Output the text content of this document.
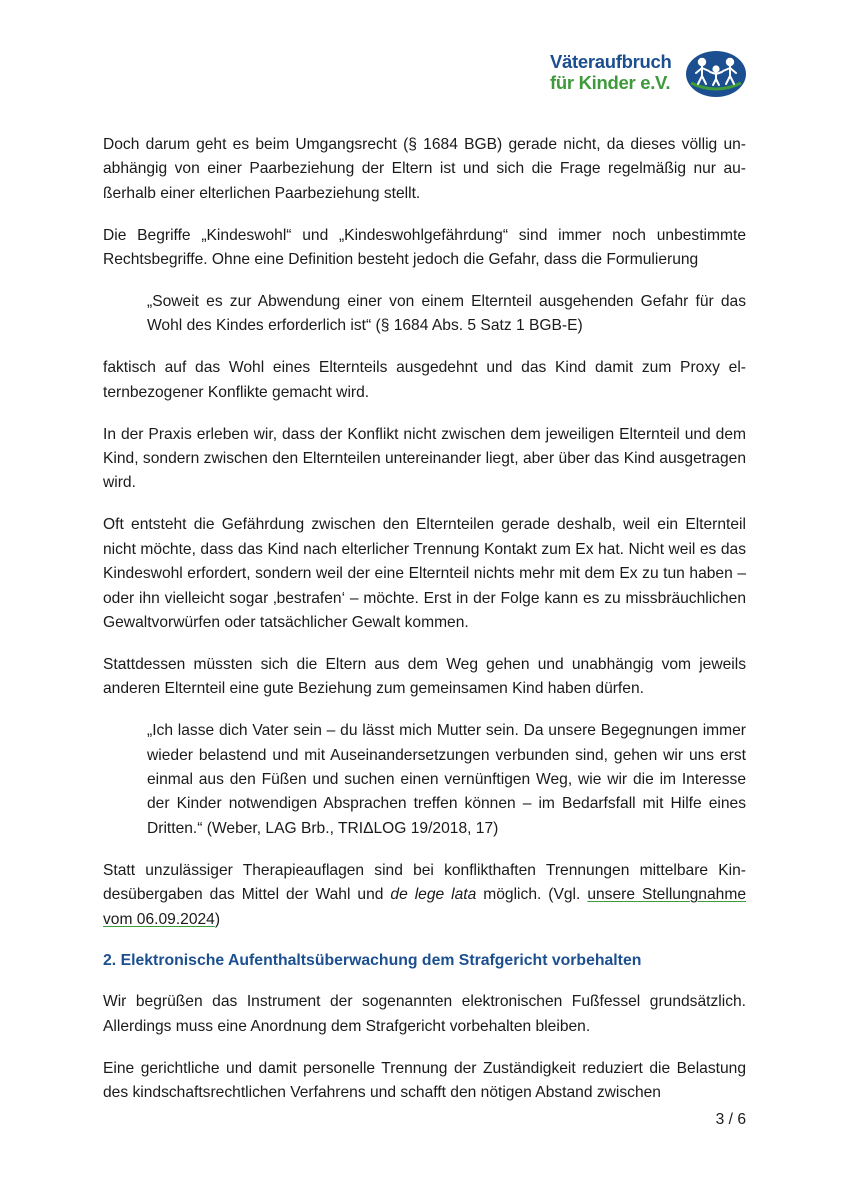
Väteraufbruch
für Kinder e.V.

Doch darum geht es beim Umgangsrecht (§ 1684 BGB) gerade nicht, da dieses völlig unabhängig von einer Paarbeziehung der Eltern ist und sich die Frage regelmäßig nur außerhalb einer elterlichen Paarbeziehung stellt.

Die Begriffe „Kindeswohl“ und „Kindeswohlgefährdung“ sind immer noch unbestimmte Rechtsbegriffe. Ohne eine Definition besteht jedoch die Gefahr, dass die Formulierung

„Soweit es zur Abwendung einer von einem Elternteil ausgehenden Gefahr für das Wohl des Kindes erforderlich ist“ (§ 1684 Abs. 5 Satz 1 BGB-E)

faktisch auf das Wohl eines Elternteils ausgedehnt und das Kind damit zum Proxy elternbezogener Konflikte gemacht wird.

In der Praxis erleben wir, dass der Konflikt nicht zwischen dem jeweiligen Elternteil und dem Kind, sondern zwischen den Elternteilen untereinander liegt, aber über das Kind ausgetragen wird.

Oft entsteht die Gefährdung zwischen den Elternteilen gerade deshalb, weil ein Elternteil nicht möchte, dass das Kind nach elterlicher Trennung Kontakt zum Ex hat. Nicht weil es das Kindeswohl erfordert, sondern weil der eine Elternteil nichts mehr mit dem Ex zu tun haben – oder ihn vielleicht sogar ‚bestrafen‘ – möchte. Erst in der Folge kann es zu missbräuchlichen Gewaltvorwürfen oder tatsächlicher Gewalt kommen.

Stattdessen müssten sich die Eltern aus dem Weg gehen und unabhängig vom jeweils anderen Elternteil eine gute Beziehung zum gemeinsamen Kind haben dürfen.

„Ich lasse dich Vater sein – du lässt mich Mutter sein. Da unsere Begegnungen immer wieder belastend und mit Auseinandersetzungen verbunden sind, gehen wir uns erst einmal aus den Füßen und suchen einen vernünftigen Weg, wie wir die im Interesse der Kinder notwendigen Absprachen treffen können – im Bedarfsfall mit Hilfe eines Dritten.“ (Weber, LAG Brb., TRIΔLOG 19/2018, 17)

Statt unzulässiger Therapieauflagen sind bei konflikthaften Trennungen mittelbare Kindesübergaben das Mittel der Wahl und de lege lata möglich. (Vgl. unsere Stellungnahme vom 06.09.2024)

2. Elektronische Aufenthaltsüberwachung dem Strafgericht vorbehalten

Wir begrüßen das Instrument der sogenannten elektronischen Fußfessel grundsätzlich. Allerdings muss eine Anordnung dem Strafgericht vorbehalten bleiben.

Eine gerichtliche und damit personelle Trennung der Zuständigkeit reduziert die Belastung des kindschaftsrechtlichen Verfahrens und schafft den nötigen Abstand zwischen

3 / 6
